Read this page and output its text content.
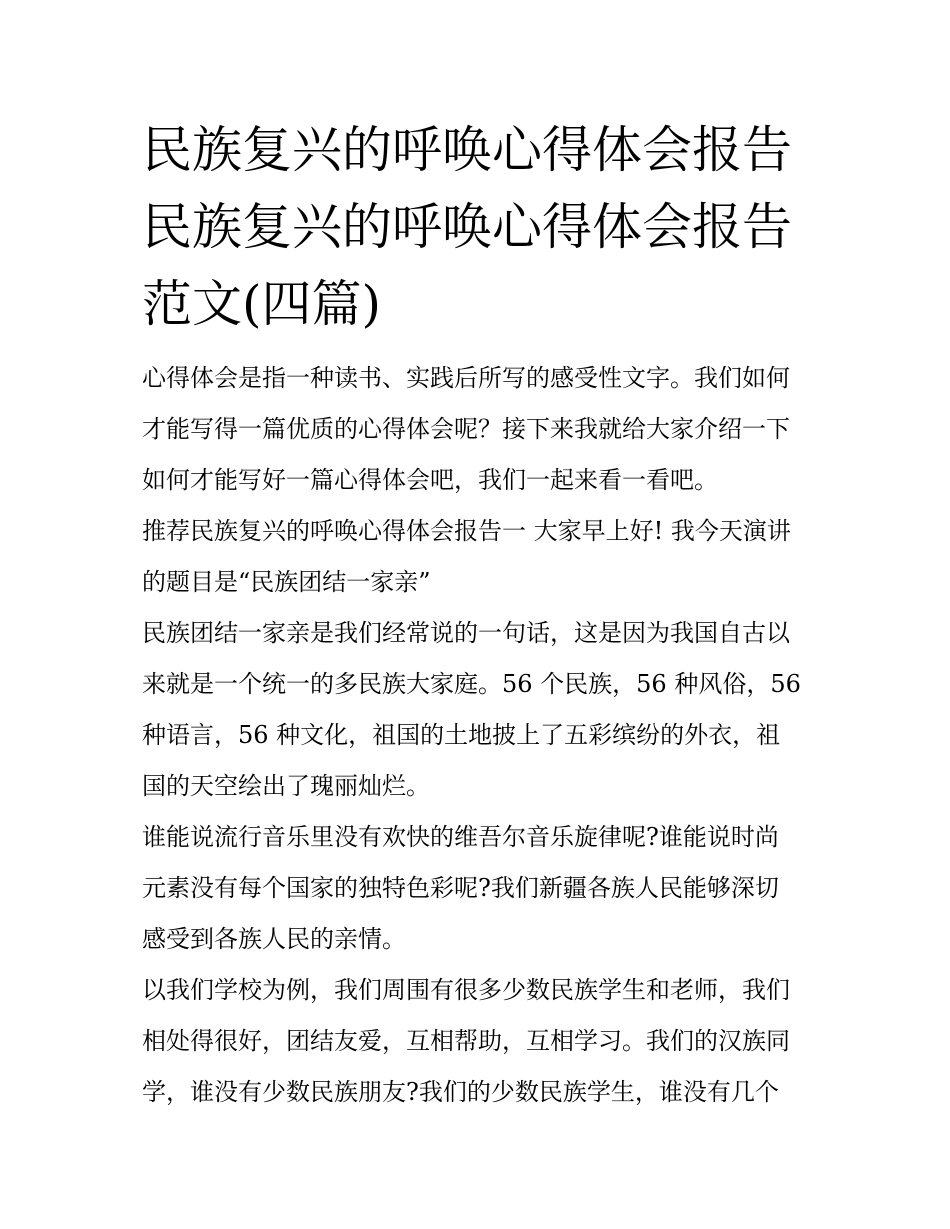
民族复兴的呼唤心得体会报告
民族复兴的呼唤心得体会报告
范文(四篇)
心得体会是指一种读书、实践后所写的感受性文字。我们如何
才能写得一篇优质的心得体会呢？接下来我就给大家介绍一下
如何才能写好一篇心得体会吧，我们一起来看一看吧。
推荐民族复兴的呼唤心得体会报告一 大家早上好! 我今天演讲
的题目是“民族团结一家亲”
民族团结一家亲是我们经常说的一句话，这是因为我国自古以
来就是一个统一的多民族大家庭。56 个民族，56 种风俗，56
种语言，56 种文化，祖国的土地披上了五彩缤纷的外衣，祖
国的天空绘出了瑰丽灿烂。
谁能说流行音乐里没有欢快的维吾尔音乐旋律呢?谁能说时尚
元素没有每个国家的独特色彩呢?我们新疆各族人民能够深切
感受到各族人民的亲情。
以我们学校为例，我们周围有很多少数民族学生和老师，我们
相处得很好，团结友爱，互相帮助，互相学习。我们的汉族同
学，谁没有少数民族朋友?我们的少数民族学生，谁没有几个
